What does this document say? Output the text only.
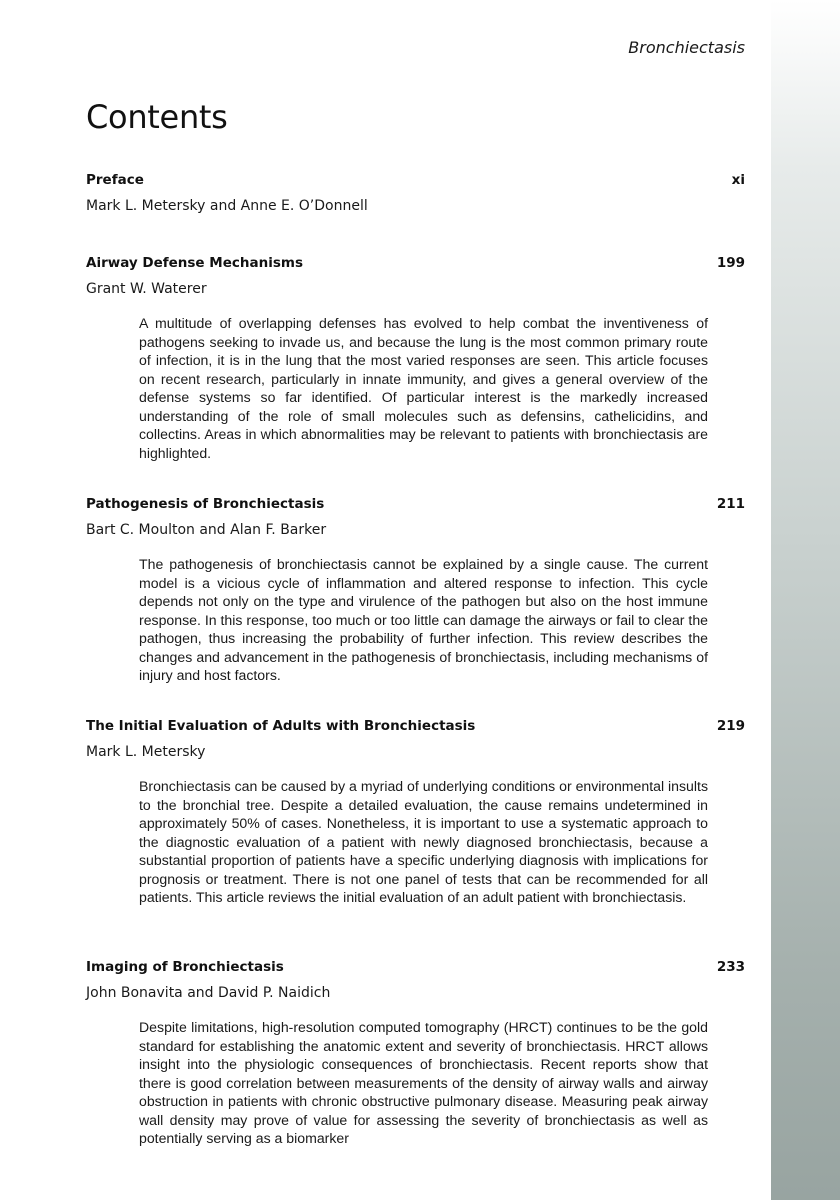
Bronchiectasis
Contents
Preface	xi
Mark L. Metersky and Anne E. O’Donnell
Airway Defense Mechanisms	199
Grant W. Waterer

A multitude of overlapping defenses has evolved to help combat the inventiveness of pathogens seeking to invade us, and because the lung is the most common primary route of infection, it is in the lung that the most varied responses are seen. This article focuses on recent research, particularly in innate immunity, and gives a general overview of the defense systems so far identified. Of particular interest is the markedly increased understanding of the role of small molecules such as defensins, cathelicidins, and collectins. Areas in which abnormalities may be relevant to patients with bronchiectasis are highlighted.

Pathogenesis of Bronchiectasis	211
Bart C. Moulton and Alan F. Barker

The pathogenesis of bronchiectasis cannot be explained by a single cause. The current model is a vicious cycle of inflammation and altered response to infection. This cycle depends not only on the type and virulence of the pathogen but also on the host immune response. In this response, too much or too little can damage the airways or fail to clear the pathogen, thus increasing the probability of further infection. This review describes the changes and advancement in the pathogenesis of bronchiectasis, including mechanisms of injury and host factors.

The Initial Evaluation of Adults with Bronchiectasis	219
Mark L. Metersky

Bronchiectasis can be caused by a myriad of underlying conditions or environmental insults to the bronchial tree. Despite a detailed evaluation, the cause remains undetermined in approximately 50% of cases. Nonetheless, it is important to use a systematic approach to the diagnostic evaluation of a patient with newly diagnosed bronchiectasis, because a substantial proportion of patients have a specific underlying diagnosis with implications for prognosis or treatment. There is not one panel of tests that can be recommended for all patients. This article reviews the initial evaluation of an adult patient with bronchiectasis.

Imaging of Bronchiectasis	233
John Bonavita and David P. Naidich

Despite limitations, high-resolution computed tomography (HRCT) continues to be the gold standard for establishing the anatomic extent and severity of bronchiectasis. HRCT allows insight into the physiologic consequences of bronchiectasis. Recent reports show that there is good correlation between measurements of the density of airway walls and airway obstruction in patients with chronic obstructive pulmonary disease. Measuring peak airway wall density may prove of value for assessing the severity of bronchiectasis as well as potentially serving as a biomarker
